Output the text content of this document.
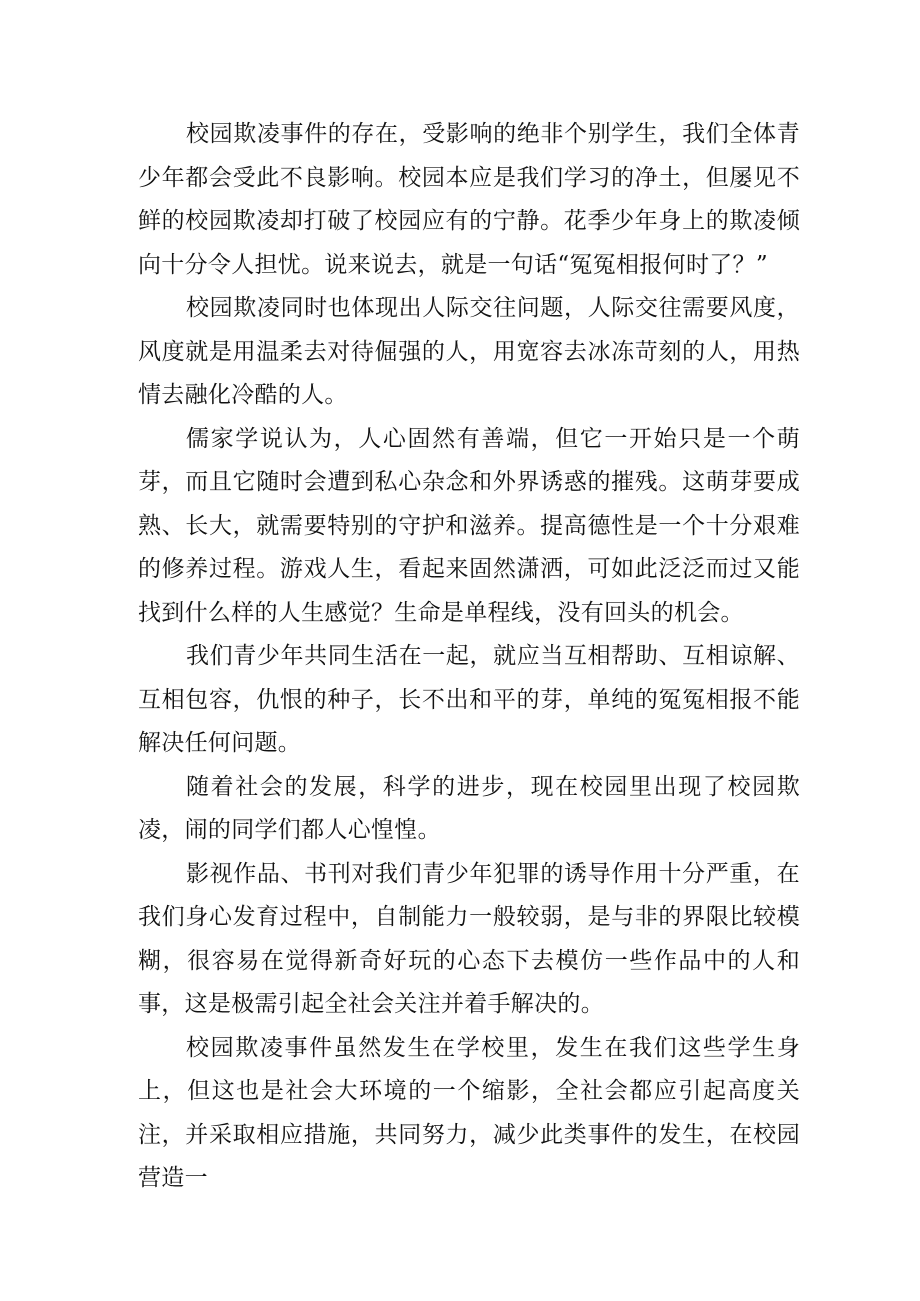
校园欺凌事件的存在，受影响的绝非个别学生，我们全体青少年都会受此不良影响。校园本应是我们学习的净土，但屡见不鲜的校园欺凌却打破了校园应有的宁静。花季少年身上的欺凌倾向十分令人担忧。说来说去，就是一句话“冤冤相报何时了？”

校园欺凌同时也体现出人际交往问题，人际交往需要风度，风度就是用温柔去对待倔强的人，用宽容去冰冻苛刻的人，用热情去融化冷酷的人。

儒家学说认为，人心固然有善端，但它一开始只是一个萌芽，而且它随时会遭到私心杂念和外界诱惑的摧残。这萌芽要成熟、长大，就需要特别的守护和滋养。提高德性是一个十分艰难的修养过程。游戏人生，看起来固然潇洒，可如此泛泛而过又能找到什么样的人生感觉？生命是单程线，没有回头的机会。

我们青少年共同生活在一起，就应当互相帮助、互相谅解、互相包容，仇恨的种子，长不出和平的芽，单纯的冤冤相报不能解决任何问题。

随着社会的发展，科学的进步，现在校园里出现了校园欺凌，闹的同学们都人心惶惶。

影视作品、书刊对我们青少年犯罪的诱导作用十分严重，在我们身心发育过程中，自制能力一般较弱，是与非的界限比较模糊，很容易在觉得新奇好玩的心态下去模仿一些作品中的人和事，这是极需引起全社会关注并着手解决的。

校园欺凌事件虽然发生在学校里，发生在我们这些学生身上，但这也是社会大环境的一个缩影，全社会都应引起高度关注，并采取相应措施，共同努力，减少此类事件的发生，在校园营造一
